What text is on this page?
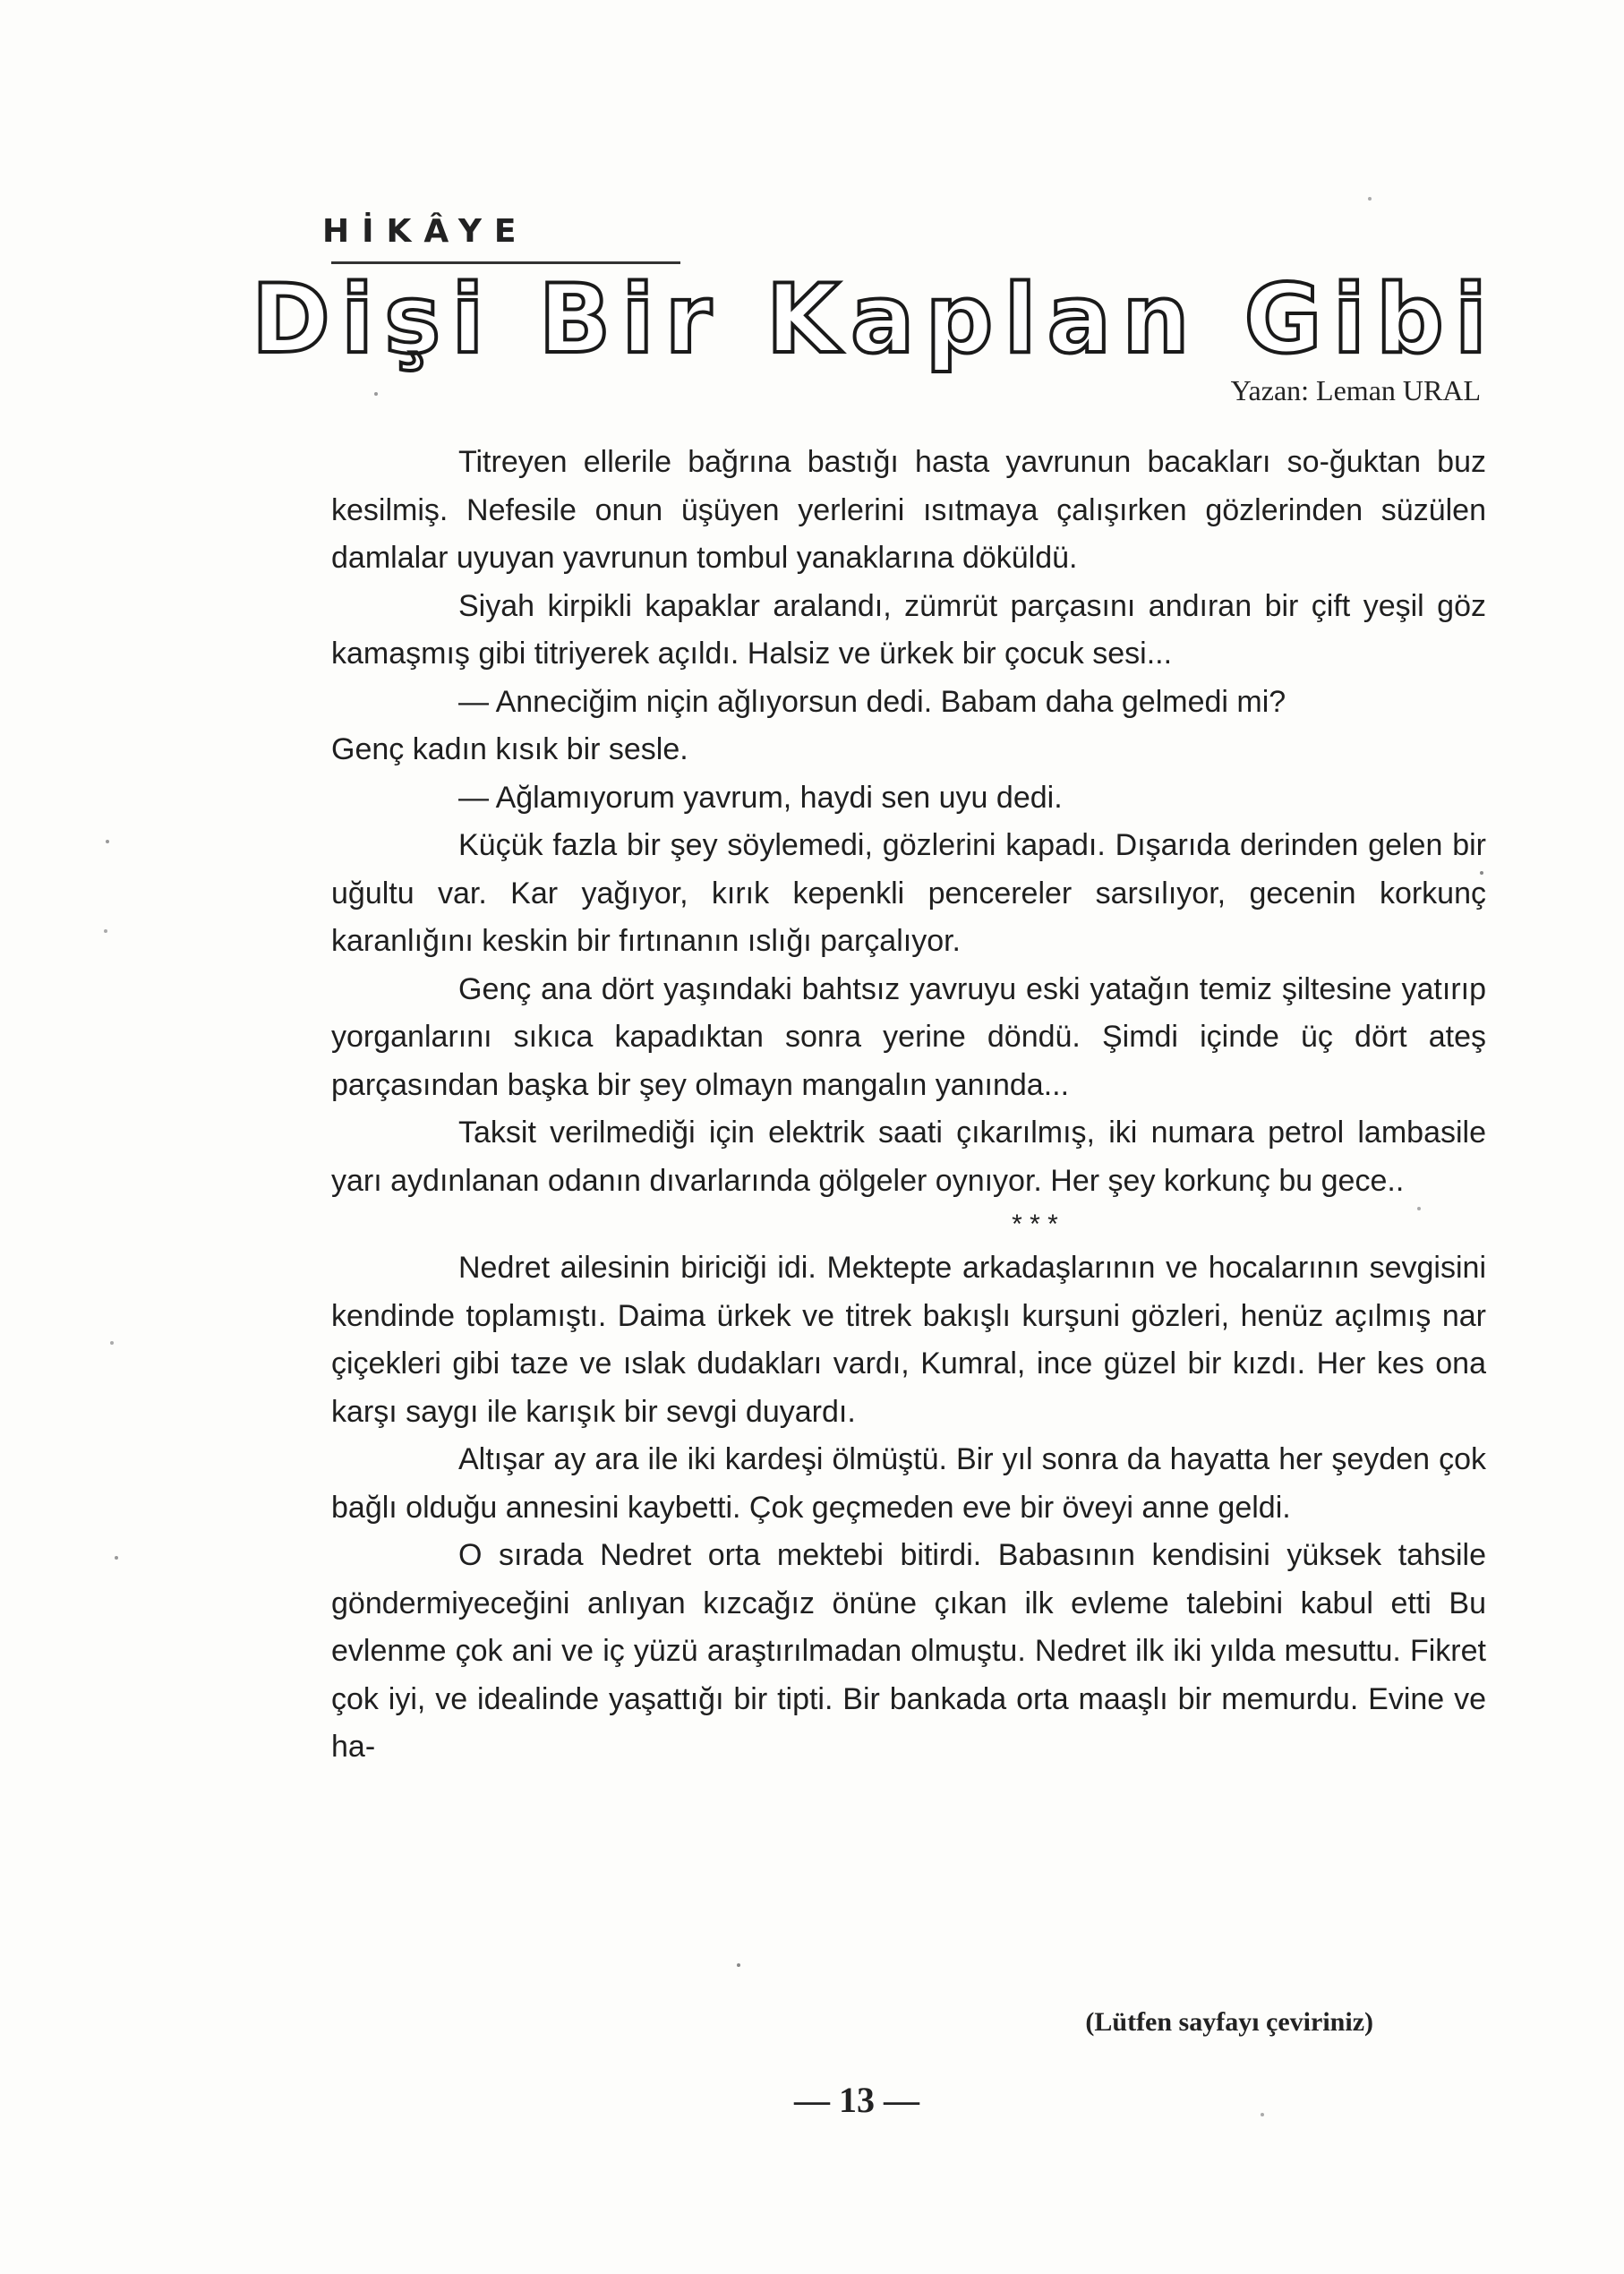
HİKÂYE
Dişi Bir Kaplan Gibi
Yazan: Leman URAL

Titreyen ellerile bağrına bastığı hasta yavrunun bacakları so-ğuktan buz kesilmiş. Nefesile onun üşüyen yerlerini ısıtmaya çalışırken gözlerinden süzülen damlalar uyuyan yavrunun tombul yanaklarına döküldü.

Siyah kirpikli kapaklar aralandı, zümrüt parçasını andıran bir çift yeşil göz kamaşmış gibi titriyerek açıldı. Halsiz ve ürkek bir çocuk sesi...

— Anneciğim niçin ağlıyorsun dedi. Babam daha gelmedi mi?

Genç kadın kısık bir sesle.

— Ağlamıyorum yavrum, haydi sen uyu dedi.

Küçük fazla bir şey söylemedi, gözlerini kapadı. Dışarıda derinden gelen bir uğultu var. Kar yağıyor, kırık kepenkli pencereler sarsılıyor, gecenin korkunç karanlığını keskin bir fırtınanın ıslığı parçalıyor.

Genç ana dört yaşındaki bahtsız yavruyu eski yatağın temiz şiltesine yatırıp yorganlarını sıkıca kapadıktan sonra yerine döndü. Şimdi içinde üç dört ateş parçasından başka bir şey olmayn mangalın yanında...

Taksit verilmediği için elektrik saati çıkarılmış, iki numara petrol lambasile yarı aydınlanan odanın dıvarlarında gölgeler oynıyor. Her şey korkunç bu gece..

* * *

Nedret ailesinin biriciği idi. Mektepte arkadaşlarının ve hocalarının sevgisini kendinde toplamıştı. Daima ürkek ve titrek bakışlı kurşuni gözleri, henüz açılmış nar çiçekleri gibi taze ve ıslak dudakları vardı, Kumral, ince güzel bir kızdı. Her kes ona karşı saygı ile karışık bir sevgi duyardı.

Altışar ay ara ile iki kardeşi ölmüştü. Bir yıl sonra da hayatta her şeyden çok bağlı olduğu annesini kaybetti. Çok geçmeden eve bir öveyi anne geldi.

O sırada Nedret orta mektebi bitirdi. Babasının kendisini yüksek tahsile göndermiyeceğini anlıyan kızcağız önüne çıkan ilk evleme talebini kabul etti Bu evlenme çok ani ve iç yüzü araştırılmadan olmuştu. Nedret ilk iki yılda mesuttu. Fikret çok iyi, ve idealinde yaşattığı bir tipti. Bir bankada orta maaşlı bir memurdu. Evine ve ha-

(Lütfen sayfayı çeviriniz)
— 13 —
